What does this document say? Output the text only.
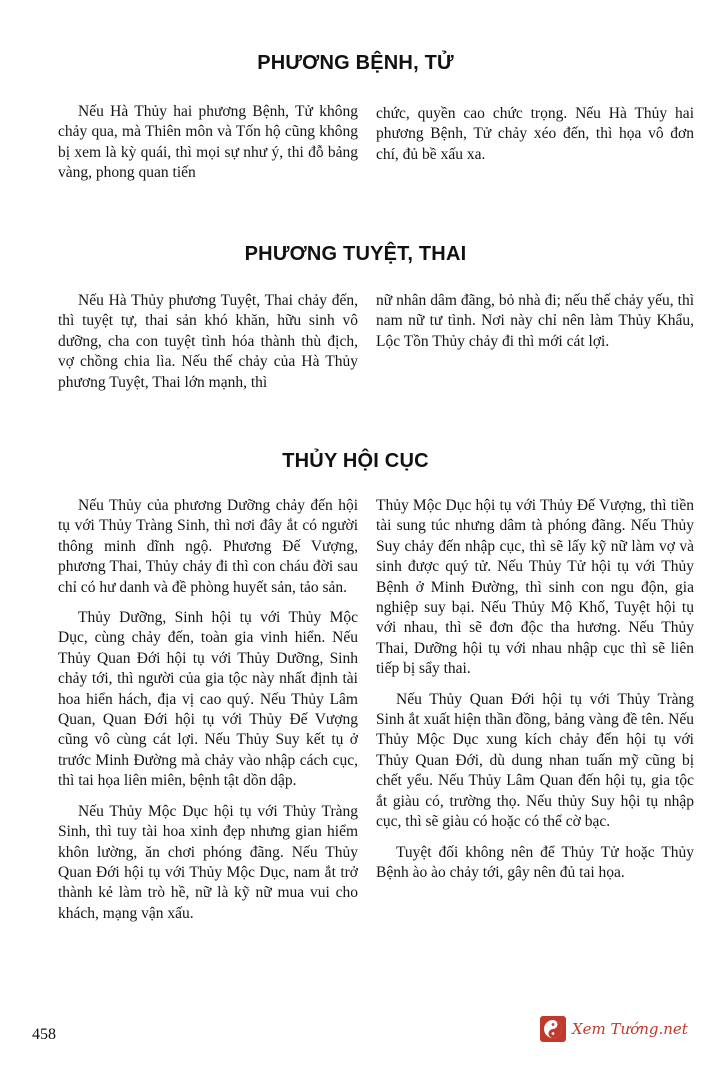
PHƯƠNG BỆNH, TỬ

Nếu Hà Thủy hai phương Bệnh, Tử không chảy qua, mà Thiên môn và Tốn hộ cũng không bị xem là kỳ quái, thì mọi sự như ý, thi đỗ bảng vàng, phong quan tiến

chức, quyền cao chức trọng. Nếu Hà Thủy hai phương Bệnh, Tử chảy xéo đến, thì họa vô đơn chí, đủ bề xấu xa.

PHƯƠNG TUYỆT, THAI

Nếu Hà Thủy phương Tuyệt, Thai chảy đến, thì tuyệt tự, thai sản khó khăn, hữu sinh vô dưỡng, cha con tuyệt tình hóa thành thù địch, vợ chồng chia lìa. Nếu thế chảy của Hà Thủy phương Tuyệt, Thai lớn mạnh, thì

nữ nhân dâm đãng, bỏ nhà đi; nếu thế chảy yếu, thì nam nữ tư tình. Nơi này chỉ nên làm Thủy Khẩu, Lộc Tồn Thủy chảy đi thì mới cát lợi.

THỦY HỘI CỤC

Nếu Thủy của phương Dưỡng chảy đến hội tụ với Thủy Tràng Sinh, thì nơi đây ắt có người thông minh dĩnh ngộ. Phương Đế Vượng, phương Thai, Thủy chảy đi thì con cháu đời sau chỉ có hư danh và đề phòng huyết sản, tảo sản.

Thủy Dưỡng, Sinh hội tụ với Thủy Mộc Dục, cùng chảy đến, toàn gia vinh hiển. Nếu Thủy Quan Đới hội tụ với Thủy Dưỡng, Sinh chảy tới, thì người của gia tộc này nhất định tài hoa hiển hách, địa vị cao quý. Nếu Thủy Lâm Quan, Quan Đới hội tụ với Thủy Đế Vượng cũng vô cùng cát lợi. Nếu Thủy Suy kết tụ ở trước Minh Đường mà chảy vào nhập cách cục, thì tai họa liên miên, bệnh tật dồn dập.

Nếu Thủy Mộc Dục hội tụ với Thủy Tràng Sinh, thì tuy tài hoa xinh đẹp nhưng gian hiểm khôn lường, ăn chơi phóng đãng. Nếu Thủy Quan Đới hội tụ với Thủy Mộc Dục, nam ắt trở thành kẻ làm trò hề, nữ là kỹ nữ mua vui cho khách, mạng vận xấu.

Thủy Mộc Dục hội tụ với Thủy Đế Vượng, thì tiền tài sung túc nhưng dâm tà phóng đãng. Nếu Thủy Suy chảy đến nhập cục, thì sẽ lấy kỹ nữ làm vợ và sinh được quý tử. Nếu Thủy Tử hội tụ với Thủy Bệnh ở Minh Đường, thì sinh con ngu độn, gia nghiệp suy bại. Nếu Thủy Mộ Khố, Tuyệt hội tụ với nhau, thì sẽ đơn độc tha hương. Nếu Thủy Thai, Dưỡng hội tụ với nhau nhập cục thì sẽ liên tiếp bị sẩy thai.

Nếu Thủy Quan Đới hội tụ với Thủy Tràng Sinh ắt xuất hiện thần đồng, bảng vàng đề tên. Nếu Thủy Mộc Dục xung kích chảy đến hội tụ với Thủy Quan Đới, dù dung nhan tuấn mỹ cũng bị chết yểu. Nếu Thủy Lâm Quan đến hội tụ, gia tộc ắt giàu có, trường thọ. Nếu thủy Suy hội tụ nhập cục, thì sẽ giàu có hoặc có thể cờ bạc.

Tuyệt đối không nên để Thủy Tử hoặc Thủy Bệnh ào ào chảy tới, gây nên đủ tai họa.

458	Xem Tướng.net
